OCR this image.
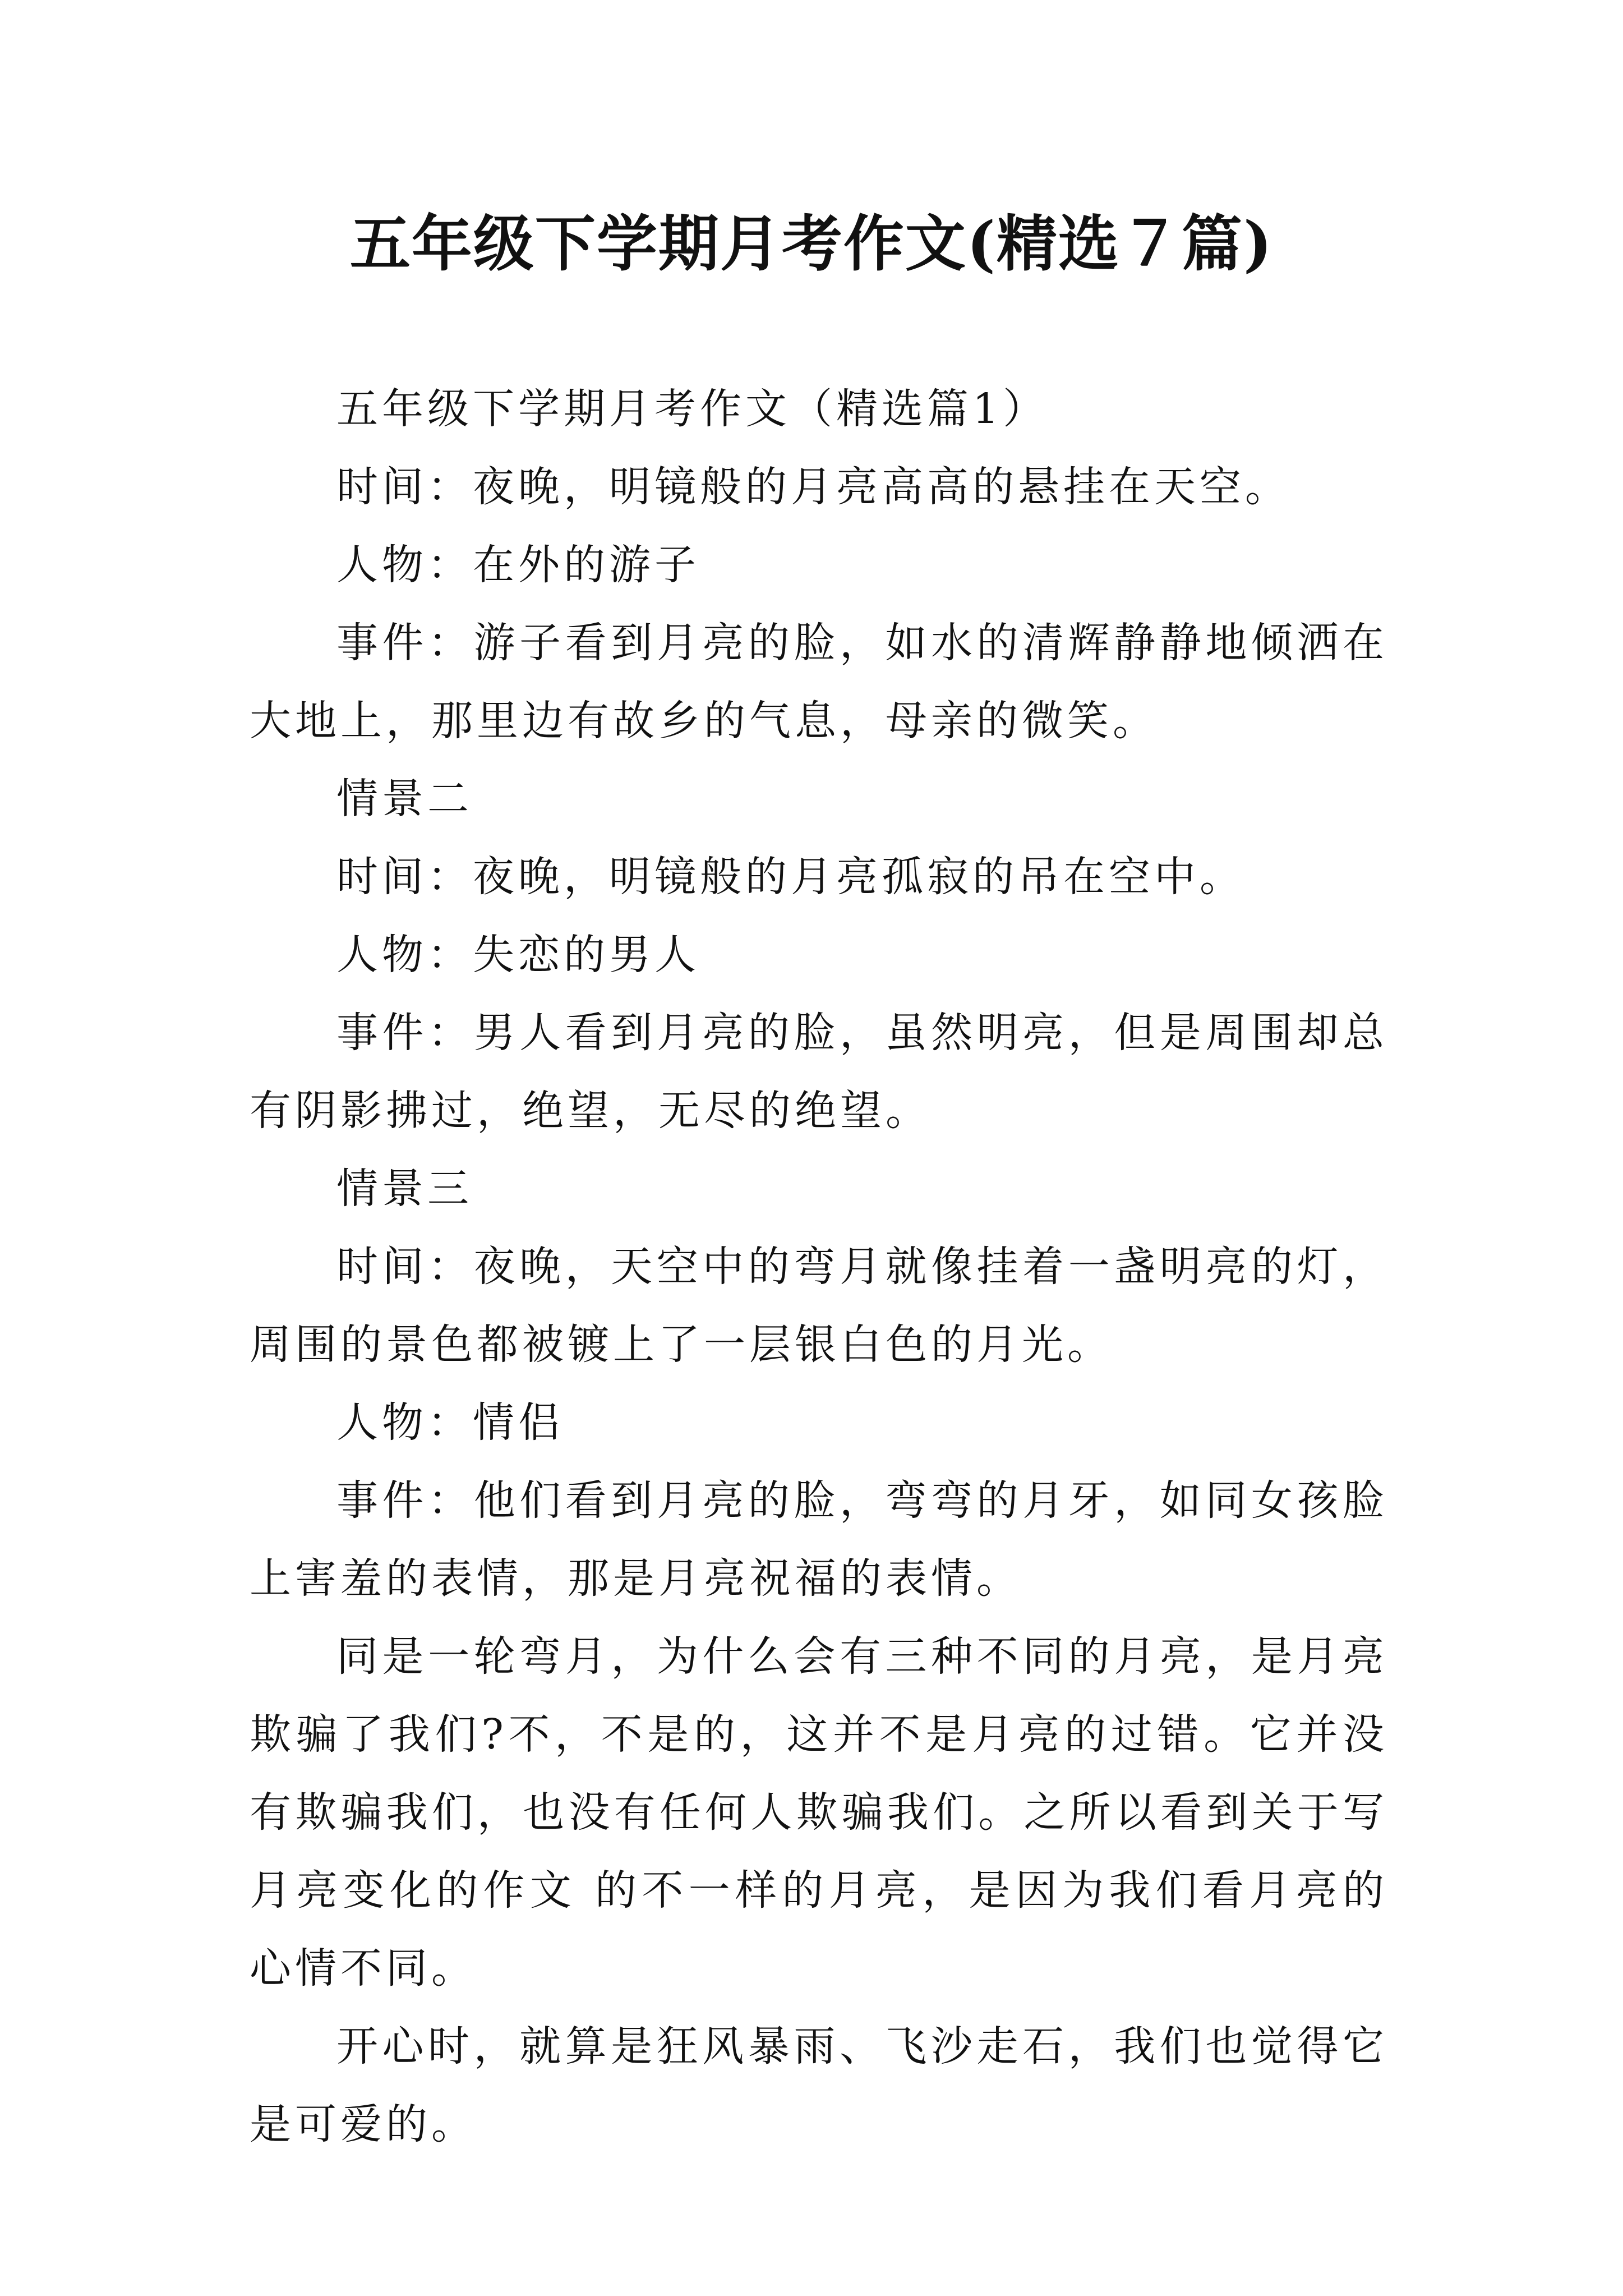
五年级下学期月考作文(精选７篇)

五年级下学期月考作文（精选篇1）

时间：夜晚，明镜般的月亮高高的悬挂在天空。

人物：在外的游子

事件：游子看到月亮的脸，如水的清辉静静地倾洒在大地上，那里边有故乡的气息，母亲的微笑。

情景二

时间：夜晚，明镜般的月亮孤寂的吊在空中。

人物：失恋的男人

事件：男人看到月亮的脸，虽然明亮，但是周围却总有阴影拂过，绝望，无尽的绝望。

情景三

时间：夜晚，天空中的弯月就像挂着一盏明亮的灯，周围的景色都被镀上了一层银白色的月光。

人物：情侣

事件：他们看到月亮的脸，弯弯的月牙，如同女孩脸上害羞的表情，那是月亮祝福的表情。

同是一轮弯月，为什么会有三种不同的月亮，是月亮欺骗了我们?不，不是的，这并不是月亮的过错。它并没有欺骗我们，也没有任何人欺骗我们。之所以看到关于写月亮变化的作文 的不一样的月亮，是因为我们看月亮的心情不同。

开心时，就算是狂风暴雨、飞沙走石，我们也觉得它是可爱的。
